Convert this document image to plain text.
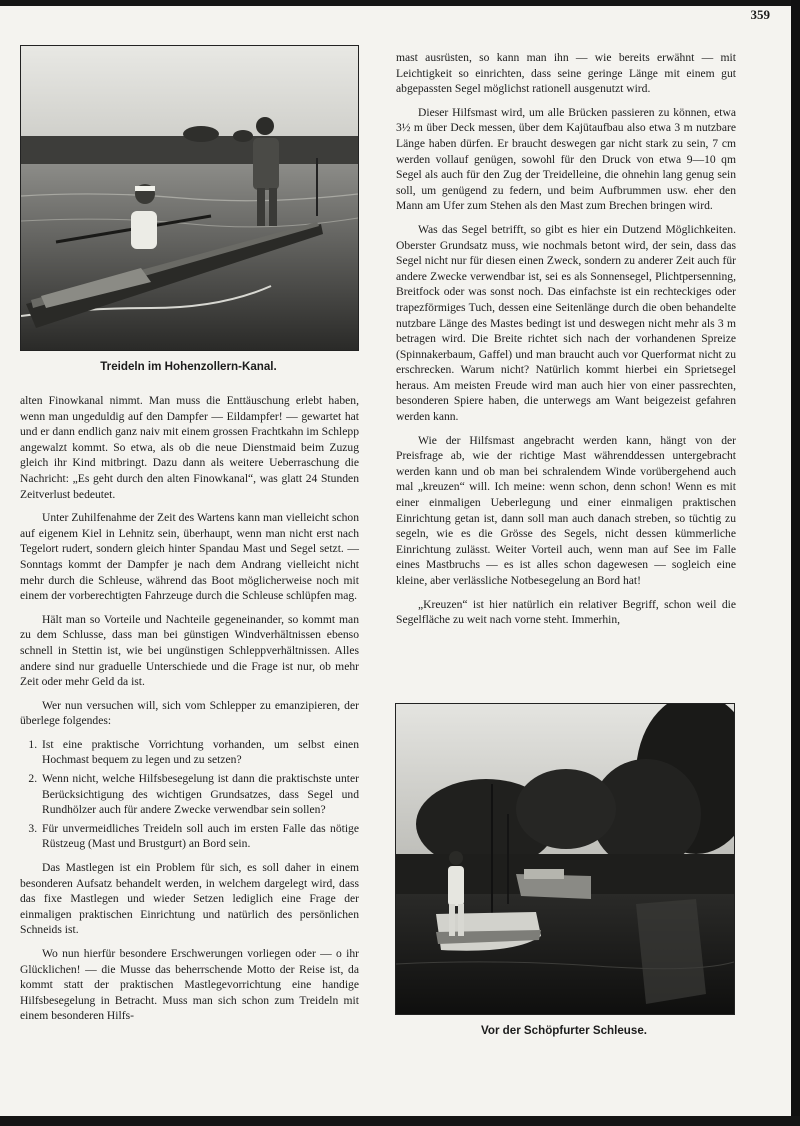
359
Treideln im Hohenzollern-Kanal.

alten Finowkanal nimmt. Man muss die Enttäuschung erlebt haben, wenn man ungeduldig auf den Dampfer — Eildampfer! — gewartet hat und er dann endlich ganz naiv mit einem grossen Frachtkahn im Schlepp angewalzt kommt. So etwa, als ob die neue Dienstmaid beim Zuzug gleich ihr Kind mitbringt. Dazu dann als weitere Ueberraschung die Nachricht: „Es geht durch den alten Finowkanal“, was glatt 24 Stunden Zeitverlust bedeutet.

Unter Zuhilfenahme der Zeit des Wartens kann man vielleicht schon auf eigenem Kiel in Lehnitz sein, überhaupt, wenn man nicht erst nach Tegelort rudert, sondern gleich hinter Spandau Mast und Segel setzt. — Sonntags kommt der Dampfer je nach dem Andrang vielleicht nicht mehr durch die Schleuse, während das Boot möglicherweise noch mit einem der vorberechtigten Fahrzeuge durch die Schleuse schlüpfen mag.

Hält man so Vorteile und Nachteile gegeneinander, so kommt man zu dem Schlusse, dass man bei günstigen Windverhältnissen ebenso schnell in Stettin ist, wie bei ungünstigen Schleppverhältnissen. Alles andere sind nur graduelle Unterschiede und die Frage ist nur, ob mehr Zeit oder mehr Geld da ist.

Wer nun versuchen will, sich vom Schlepper zu emanzipieren, der überlege folgendes:

1. Ist eine praktische Vorrichtung vorhanden, um selbst einen Hochmast bequem zu legen und zu setzen?
2. Wenn nicht, welche Hilfsbesegelung ist dann die praktischste unter Berücksichtigung des wichtigen Grundsatzes, dass Segel und Rundhölzer auch für andere Zwecke verwendbar sein sollen?
3. Für unvermeidliches Treideln soll auch im ersten Falle das nötige Rüstzeug (Mast und Brustgurt) an Bord sein.

Das Mastlegen ist ein Problem für sich, es soll daher in einem besonderen Aufsatz behandelt werden, in welchem dargelegt wird, dass das fixe Mastlegen und wieder Setzen lediglich eine Frage der einmaligen praktischen Einrichtung und natürlich des persönlichen Schneids ist.

Wo nun hierfür besondere Erschwerungen vorliegen oder — o ihr Glücklichen! — die Musse das beherrschende Motto der Reise ist, da kommt statt der praktischen Mastlegevorrichtung eine handige Hilfsbesegelung in Betracht. Muss man sich schon zum Treideln mit einem besonderen Hilfs-

mast ausrüsten, so kann man ihn — wie bereits erwähnt — mit Leichtigkeit so einrichten, dass seine geringe Länge mit einem gut abgepassten Segel möglichst rationell ausgenutzt wird.

Dieser Hilfsmast wird, um alle Brücken passieren zu können, etwa 3½ m über Deck messen, über dem Kajütaufbau also etwa 3 m nutzbare Länge haben dürfen. Er braucht deswegen gar nicht stark zu sein, 7 cm werden vollauf genügen, sowohl für den Druck von etwa 9—10 qm Segel als auch für den Zug der Treidelleine, die ohnehin lang genug sein soll, um genügend zu federn, und beim Aufbrummen usw. eher den Mann am Ufer zum Stehen als den Mast zum Brechen bringen wird.

Was das Segel betrifft, so gibt es hier ein Dutzend Möglichkeiten. Oberster Grundsatz muss, wie nochmals betont wird, der sein, dass das Segel nicht nur für diesen einen Zweck, sondern zu anderer Zeit auch für andere Zwecke verwendbar ist, sei es als Sonnensegel, Plichtpersenning, Breitfock oder was sonst noch. Das einfachste ist ein rechteckiges oder trapezförmiges Tuch, dessen eine Seitenlänge durch die oben behandelte nutzbare Länge des Mastes bedingt ist und deswegen nicht mehr als 3 m betragen wird. Die Breite richtet sich nach der vorhandenen Spreize (Spinnakerbaum, Gaffel) und man braucht auch vor Querformat nicht zu erschrecken. Warum nicht? Natürlich kommt hierbei ein Sprietsegel heraus. Am meisten Freude wird man auch hier von einer passrechten, besonderen Spiere haben, die unterwegs am Want beigezeist gefahren werden kann.

Wie der Hilfsmast angebracht werden kann, hängt von der Preisfrage ab, wie der richtige Mast währenddessen untergebracht werden kann und ob man bei schralendem Winde vorübergehend auch mal „kreuzen“ will. Ich meine: wenn schon, denn schon! Wenn es mit einer einmaligen Ueberlegung und einer einmaligen praktischen Einrichtung getan ist, dann soll man auch danach streben, so tüchtig zu segeln, wie es die Grösse des Segels, nicht dessen kümmerliche Einrichtung zulässt. Weiter Vorteil auch, wenn man auf See im Falle eines Mastbruchs — es ist alles schon dagewesen — sogleich eine kleine, aber verlässliche Notbesegelung an Bord hat!

„Kreuzen“ ist hier natürlich ein relativer Begriff, schon weil die Segelfläche zu weit nach vorne steht. Immerhin,

Vor der Schöpfurter Schleuse.
